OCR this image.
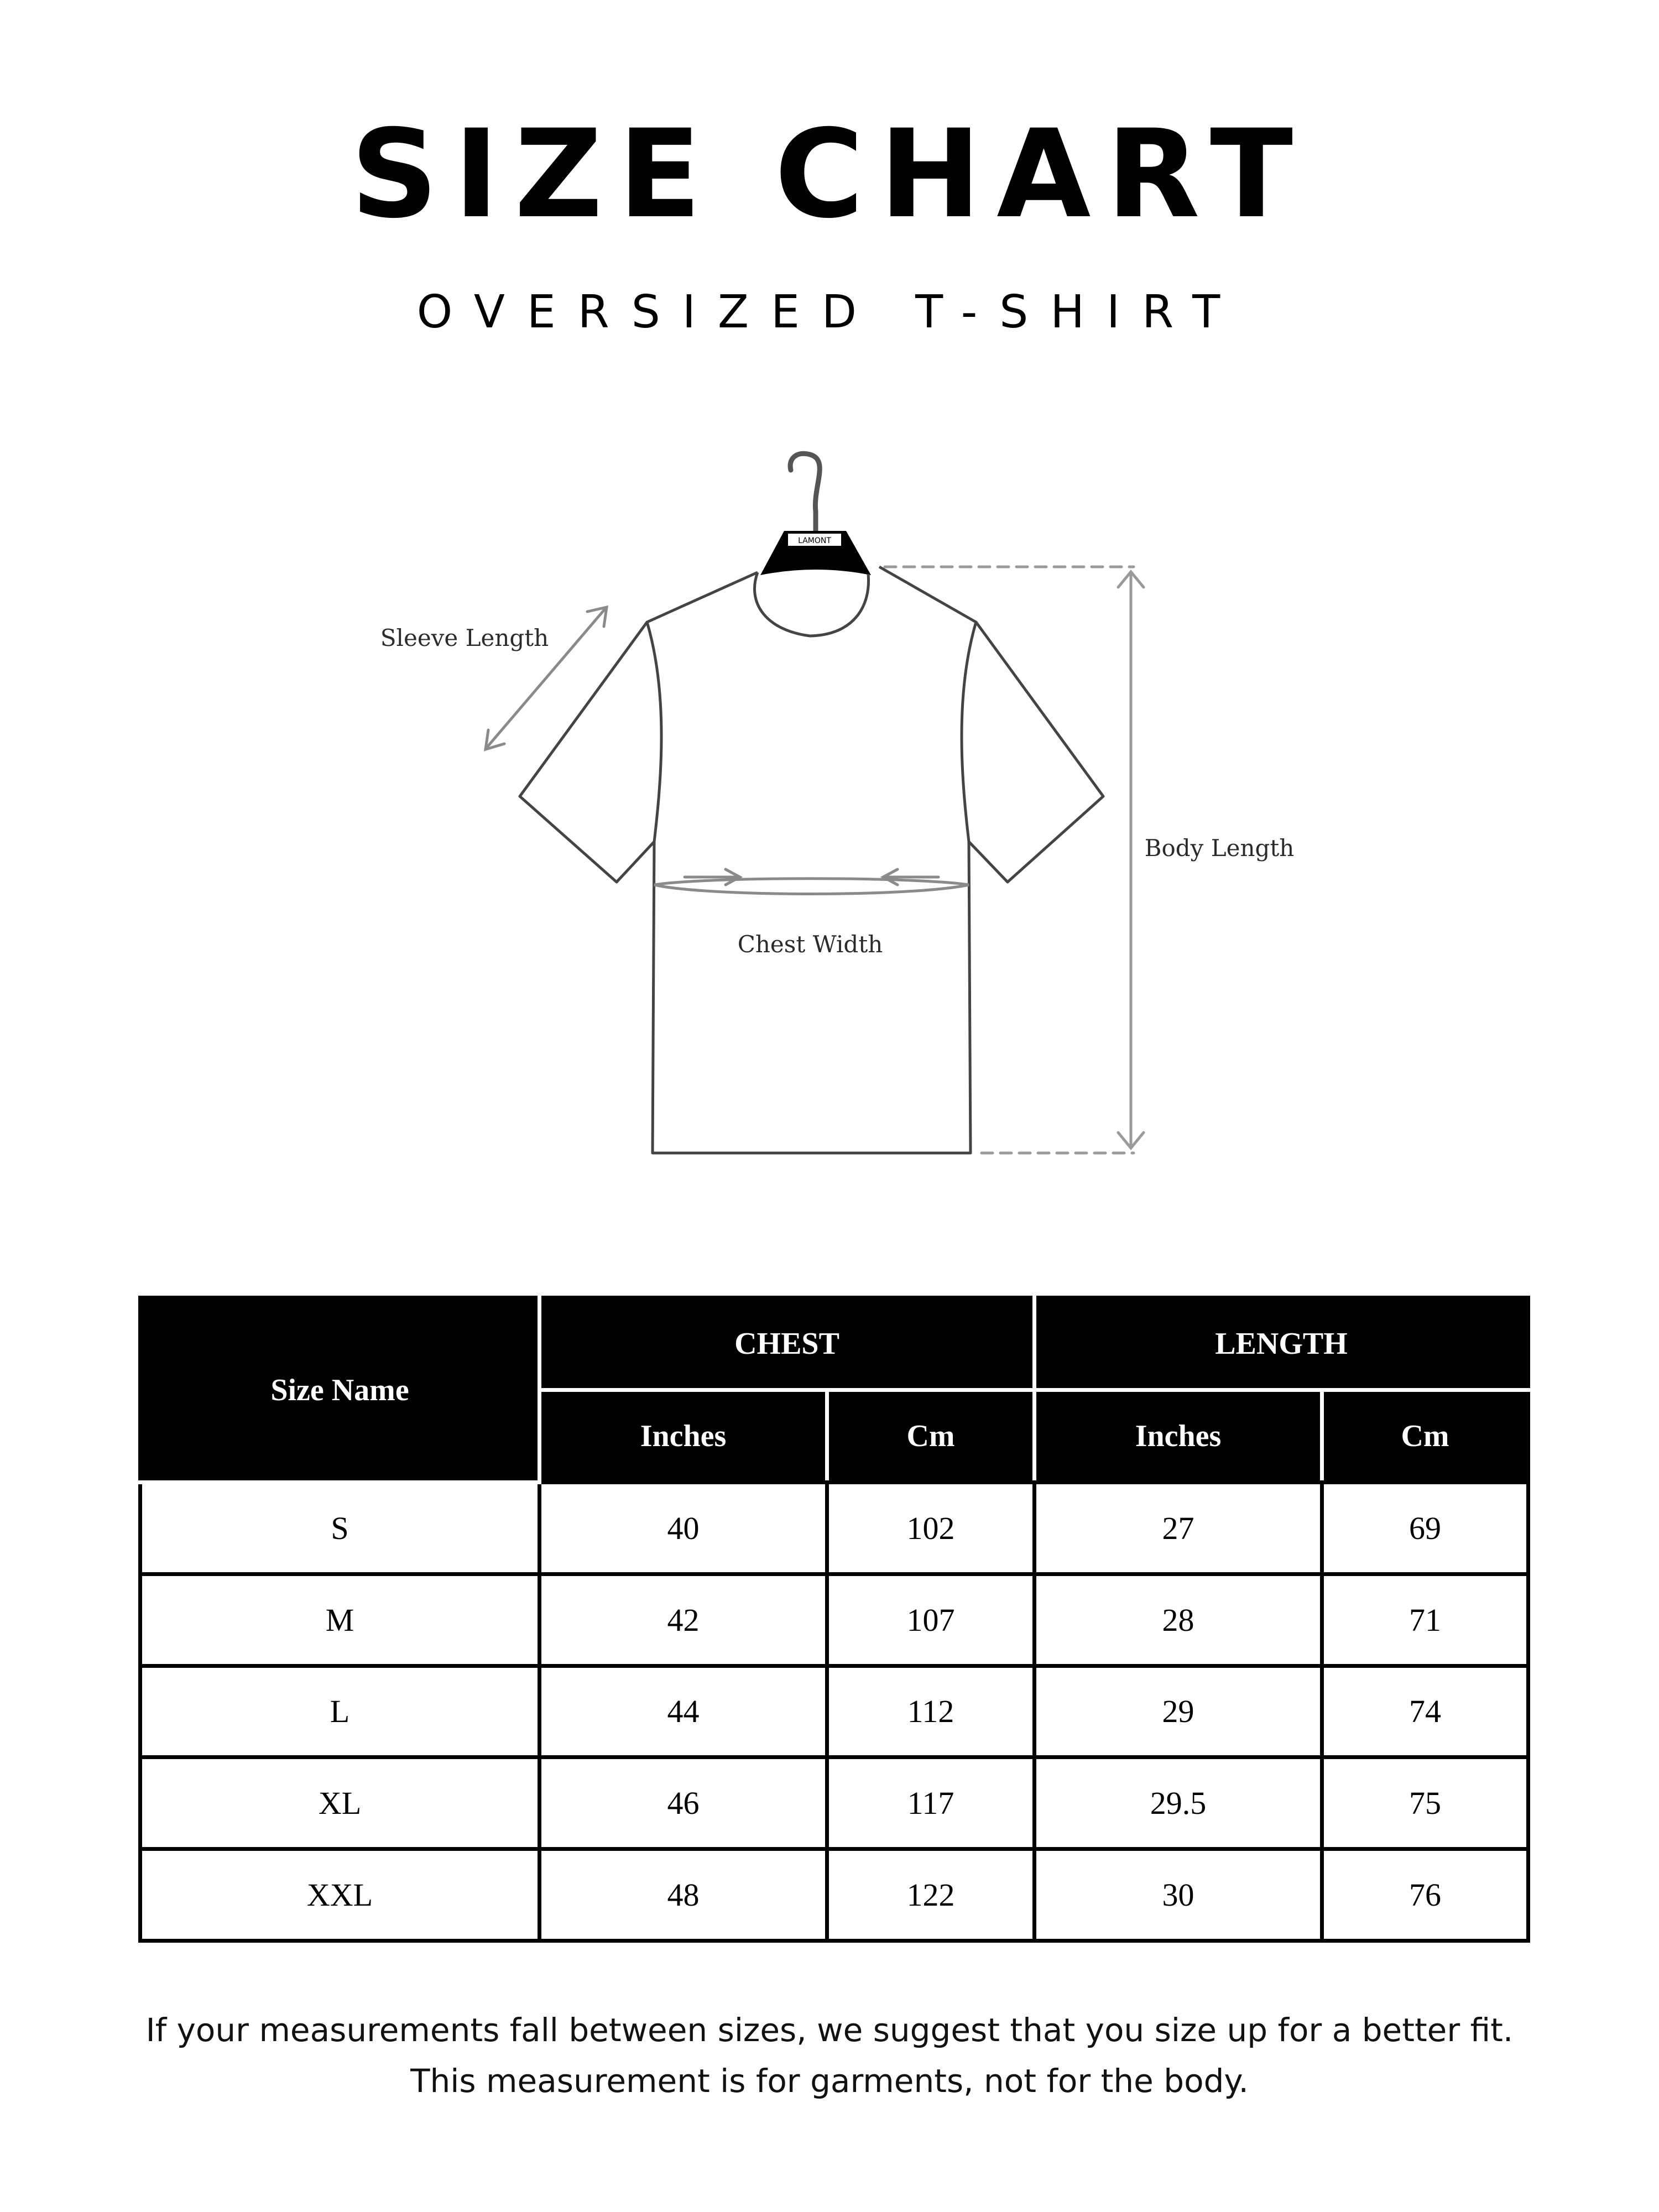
SIZE CHART
OVERSIZED T-SHIRT
LAMONT
Sleeve Length
Chest Width
Body Length
Size Name	CHEST		LENGTH	
	Inches	Cm	Inches	Cm
S	40	102	27	69
M	42	107	28	71
L	44	112	29	74
XL	46	117	29.5	75
XXL	48	122	30	76
If your measurements fall between sizes, we suggest that you size up for a better fit.
This measurement is for garments, not for the body.
